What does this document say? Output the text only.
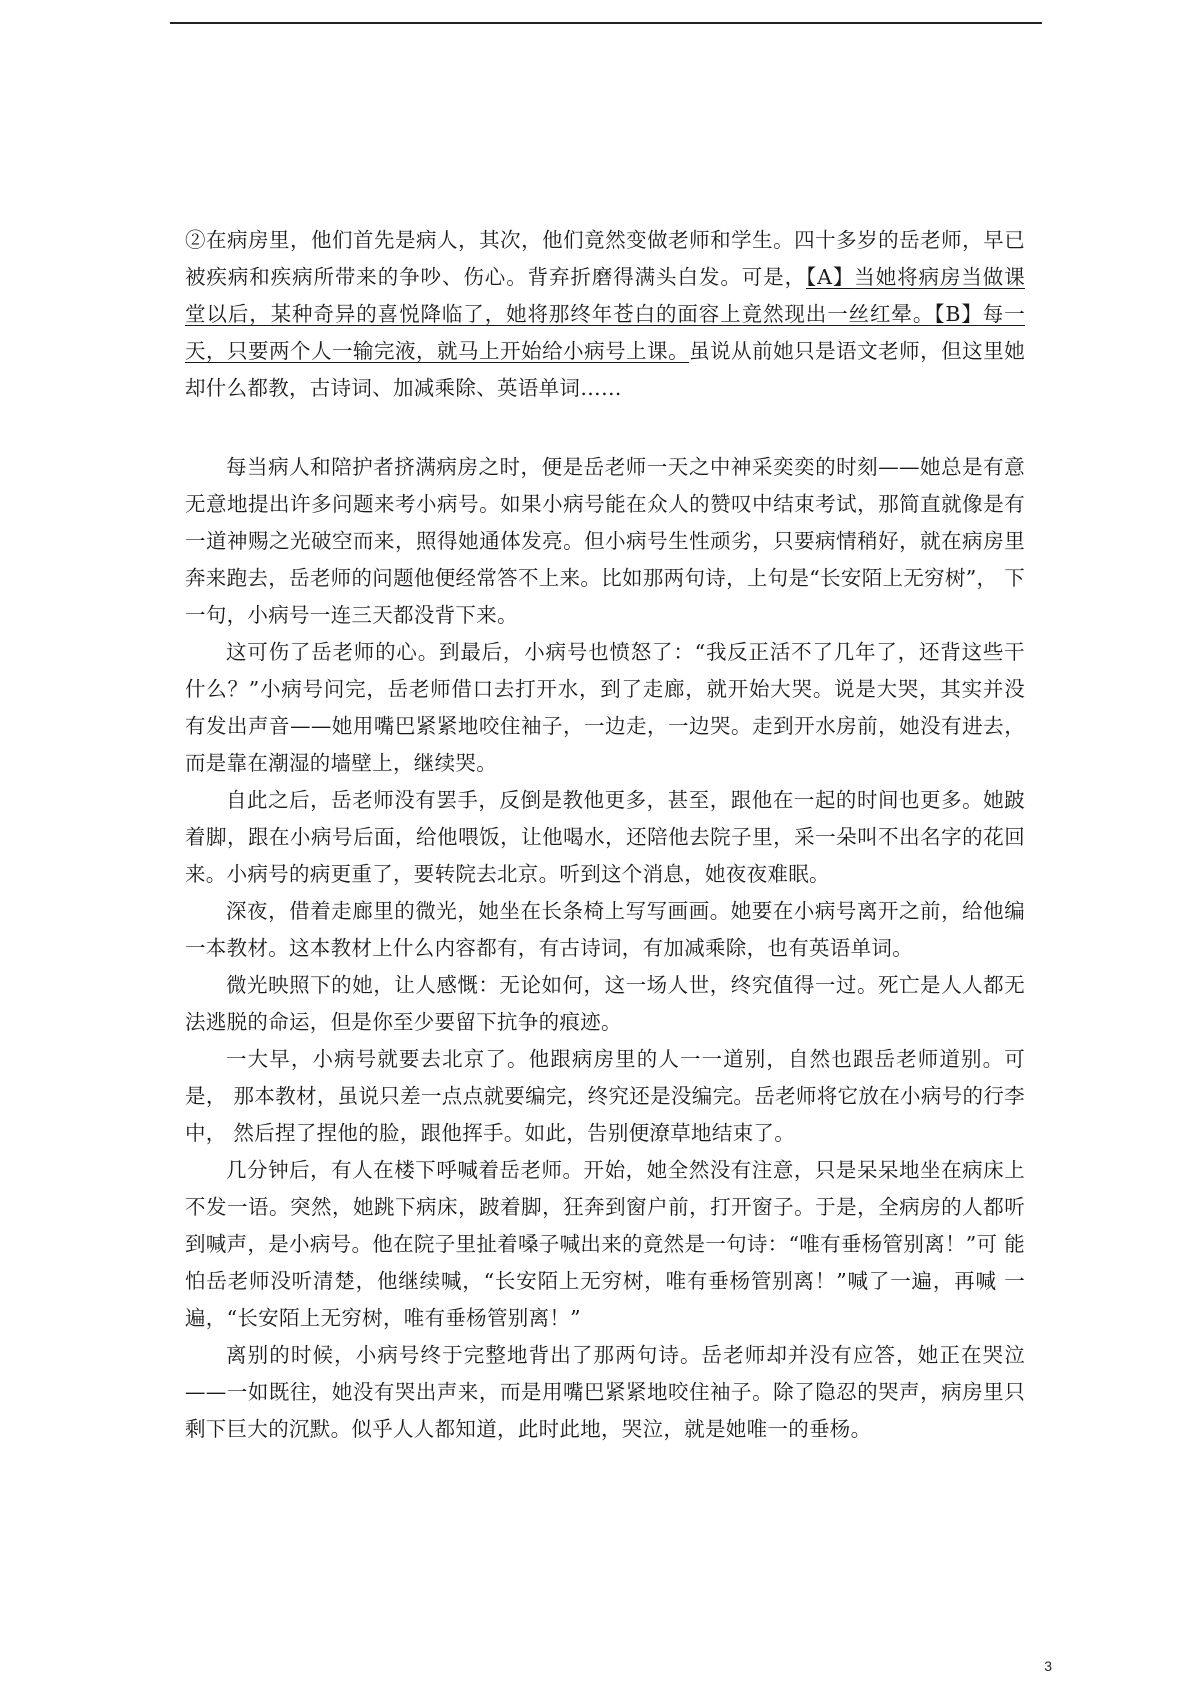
②在病房里，他们首先是病人，其次，他们竟然变做老师和学生。四十多岁的岳老师，早已 被疾病和疾病所带来的争吵、伤心。背弃折磨得满头白发。可是，【A】当她将病房当做课 堂以后，某种奇异的喜悦降临了，她将那终年苍白的面容上竟然现出一丝红晕。【B】每一 天，只要两个人一输完液，就马上开始给小病号上课。虽说从前她只是语文老师，但这里她却什么都教，古诗词、加减乘除、英语单词……

每当病人和陪护者挤满病房之时，便是岳老师一天之中神采奕奕的时刻——她总是有意无意地提出许多问题来考小病号。如果小病号能在众人的赞叹中结束考试，那简直就像是有一道神赐之光破空而来，照得她通体发亮。但小病号生性顽劣，只要病情稍好，就在病房里奔来跑去，岳老师的问题他便经常答不上来。比如那两句诗，上句是“长安陌上无穷树”， 下一句，小病号一连三天都没背下来。

这可伤了岳老师的心。到最后，小病号也愤怒了：“我反正活不了几年了，还背这些干什么？”小病号问完，岳老师借口去打开水，到了走廊，就开始大哭。说是大哭，其实并没有发出声音——她用嘴巴紧紧地咬住袖子，一边走，一边哭。走到开水房前，她没有进去， 而是靠在潮湿的墙壁上，继续哭。

自此之后，岳老师没有罢手，反倒是教他更多，甚至，跟他在一起的时间也更多。她跛 着脚，跟在小病号后面，给他喂饭，让他喝水，还陪他去院子里，采一朵叫不出名字的花回来。小病号的病更重了，要转院去北京。听到这个消息，她夜夜难眠。

深夜，借着走廊里的微光，她坐在长条椅上写写画画。她要在小病号离开之前，给他编 一本教材。这本教材上什么内容都有，有古诗词，有加减乘除，也有英语单词。

微光映照下的她，让人感慨：无论如何，这一场人世，终究值得一过。死亡是人人都无法逃脱的命运，但是你至少要留下抗争的痕迹。

一大早，小病号就要去北京了。他跟病房里的人一一道别，自然也跟岳老师道别。可是， 那本教材，虽说只差一点点就要编完，终究还是没编完。岳老师将它放在小病号的行李中， 然后捏了捏他的脸，跟他挥手。如此，告别便潦草地结束了。

几分钟后，有人在楼下呼喊着岳老师。开始，她全然没有注意，只是呆呆地坐在病床上 不发一语。突然，她跳下病床，跛着脚，狂奔到窗户前，打开窗子。于是，全病房的人都听 到喊声，是小病号。他在院子里扯着嗓子喊出来的竟然是一句诗：“唯有垂杨管别离！”可 能怕岳老师没听清楚，他继续喊，“长安陌上无穷树，唯有垂杨管别离！”喊了一遍，再喊 一遍，“长安陌上无穷树，唯有垂杨管别离！”

离别的时候，小病号终于完整地背出了那两句诗。岳老师却并没有应答，她正在哭泣——一如既往，她没有哭出声来，而是用嘴巴紧紧地咬住袖子。除了隐忍的哭声，病房里只剩下巨大的沉默。似乎人人都知道，此时此地，哭泣，就是她唯一的垂杨。

3
